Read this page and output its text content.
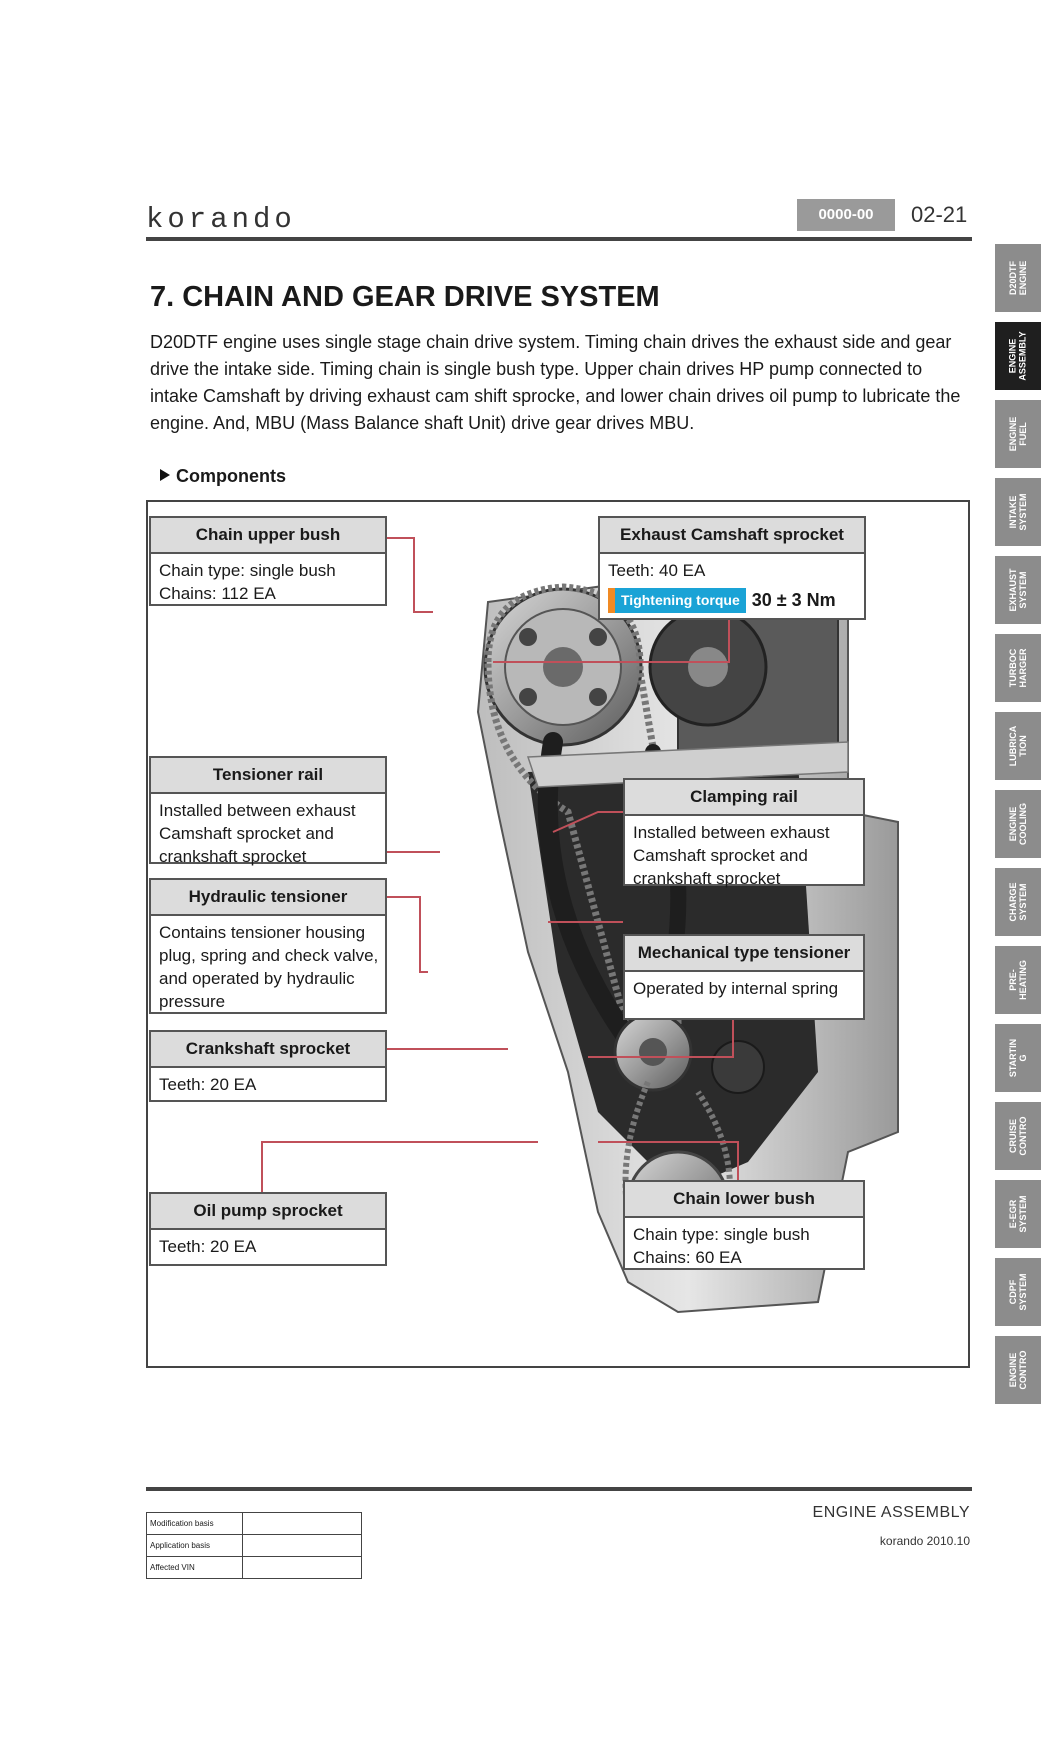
korando	0000-00	02-21
D20DTF
ENGINE
ENGINE
ASSEMBLY
ENGINE
FUEL
INTAKE
SYSTEM
EXHAUST
SYSTEM
TURBOC
HARGER
LUBRICA
TION
ENGINE
COOLING
CHARGE
SYSTEM
PRE-
HEATING
STARTIN
G
CRUISE
CONTRO
E-EGR
SYSTEM
CDPF
SYSTEM
ENGINE
CONTRO
7. CHAIN AND GEAR DRIVE SYSTEM
D20DTF engine uses single stage chain drive system. Timing chain drives the exhaust side and gear drive the intake side. Timing chain is single bush type. Upper chain drives HP pump connected to intake Camshaft by driving exhaust cam shift sprocke, and lower chain drives oil pump to lubricate the engine. And, MBU (Mass Balance shaft Unit) drive gear drives MBU.
Components
Chain upper bush
Chain type: single bush
Chains: 112 EA
Exhaust Camshaft sprocket
Teeth: 40 EA
Tightening torque 30 ± 3 Nm
Tensioner rail
Installed between exhaust
Camshaft sprocket and
crankshaft sprocket
Clamping rail
Installed between exhaust
Camshaft sprocket and
crankshaft sprocket
Hydraulic tensioner
Contains tensioner housing
plug, spring and check valve,
and operated by hydraulic
pressure
Mechanical type tensioner
Operated by internal spring
Crankshaft sprocket
Teeth: 20 EA
Oil pump sprocket
Teeth: 20 EA
Chain lower bush
Chain type: single bush
Chains: 60 EA
Modification basis	
Application basis	
Affected VIN	
ENGINE ASSEMBLY
korando 2010.10
